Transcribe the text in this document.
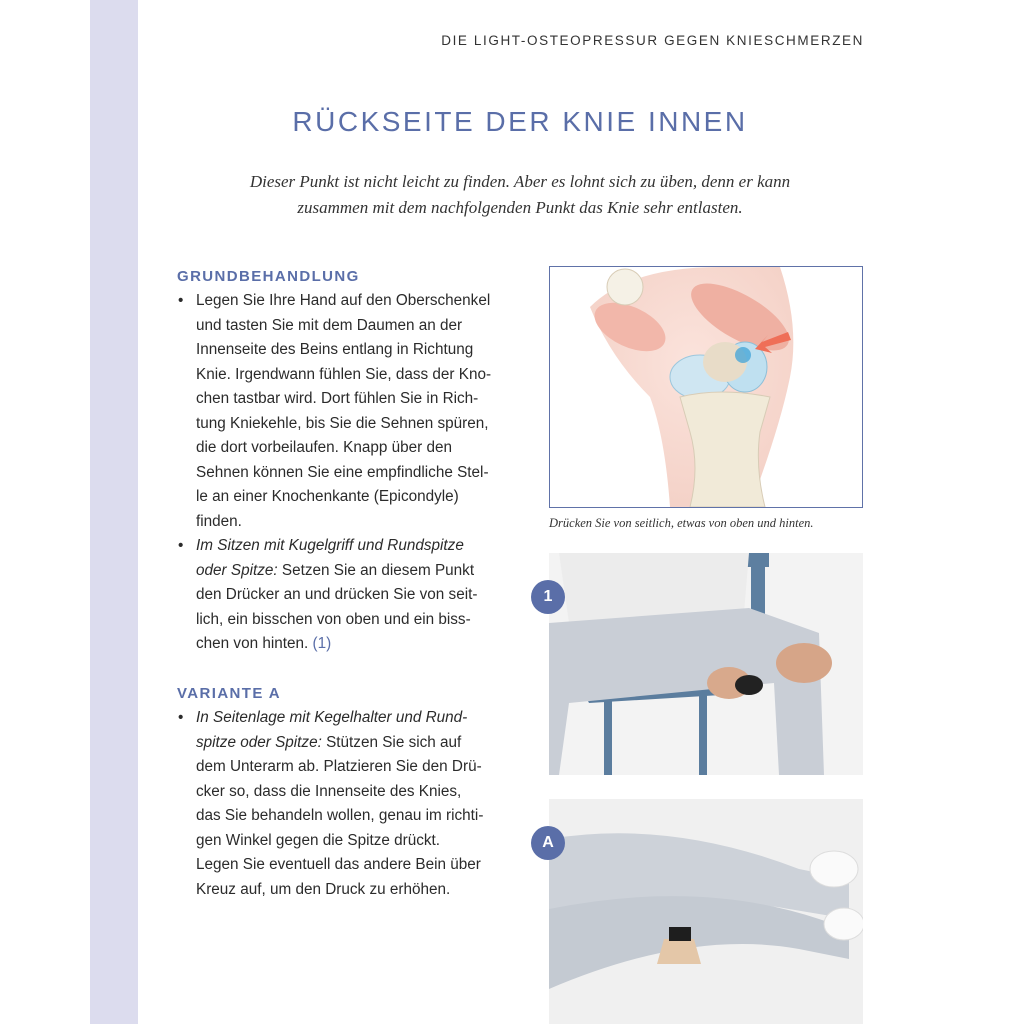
DIE LIGHT-OSTEOPRESSUR GEGEN KNIESCHMERZEN
RÜCKSEITE DER KNIE INNEN

Dieser Punkt ist nicht leicht zu finden. Aber es lohnt sich zu üben, denn er kann

zusammen mit dem nachfolgenden Punkt das Knie sehr entlasten.

GRUNDBEHANDLUNG
• Legen Sie Ihre Hand auf den Oberschenkel

und tasten Sie mit dem Daumen an der

Innenseite des Beins entlang in Richtung

Knie. Irgendwann fühlen Sie, dass der Kno-

chen tastbar wird. Dort fühlen Sie in Rich-

tung Kniekehle, bis Sie die Sehnen spüren,

die dort vorbeilaufen. Knapp über den

Sehnen können Sie eine empfindliche Stel-

le an einer Knochenkante (Epicondyle)

finden.

• Im Sitzen mit Kugelgriff und Rundspitze

oder Spitze: Setzen Sie an diesem Punkt

den Drücker an und drücken Sie von seit-

lich, ein bisschen von oben und ein biss-

chen von hinten. (1)

VARIANTE A
• In Seitenlage mit Kegelhalter und Rund-

spitze oder Spitze: Stützen Sie sich auf

dem Unterarm ab. Platzieren Sie den Drü-

cker so, dass die Innenseite des Knies,

das Sie behandeln wollen, genau im richti-

gen Winkel gegen die Spitze drückt.

Legen Sie eventuell das andere Bein über

Kreuz auf, um den Druck zu erhöhen.

Drücken Sie von seitlich, etwas von oben und hinten.
1
A
